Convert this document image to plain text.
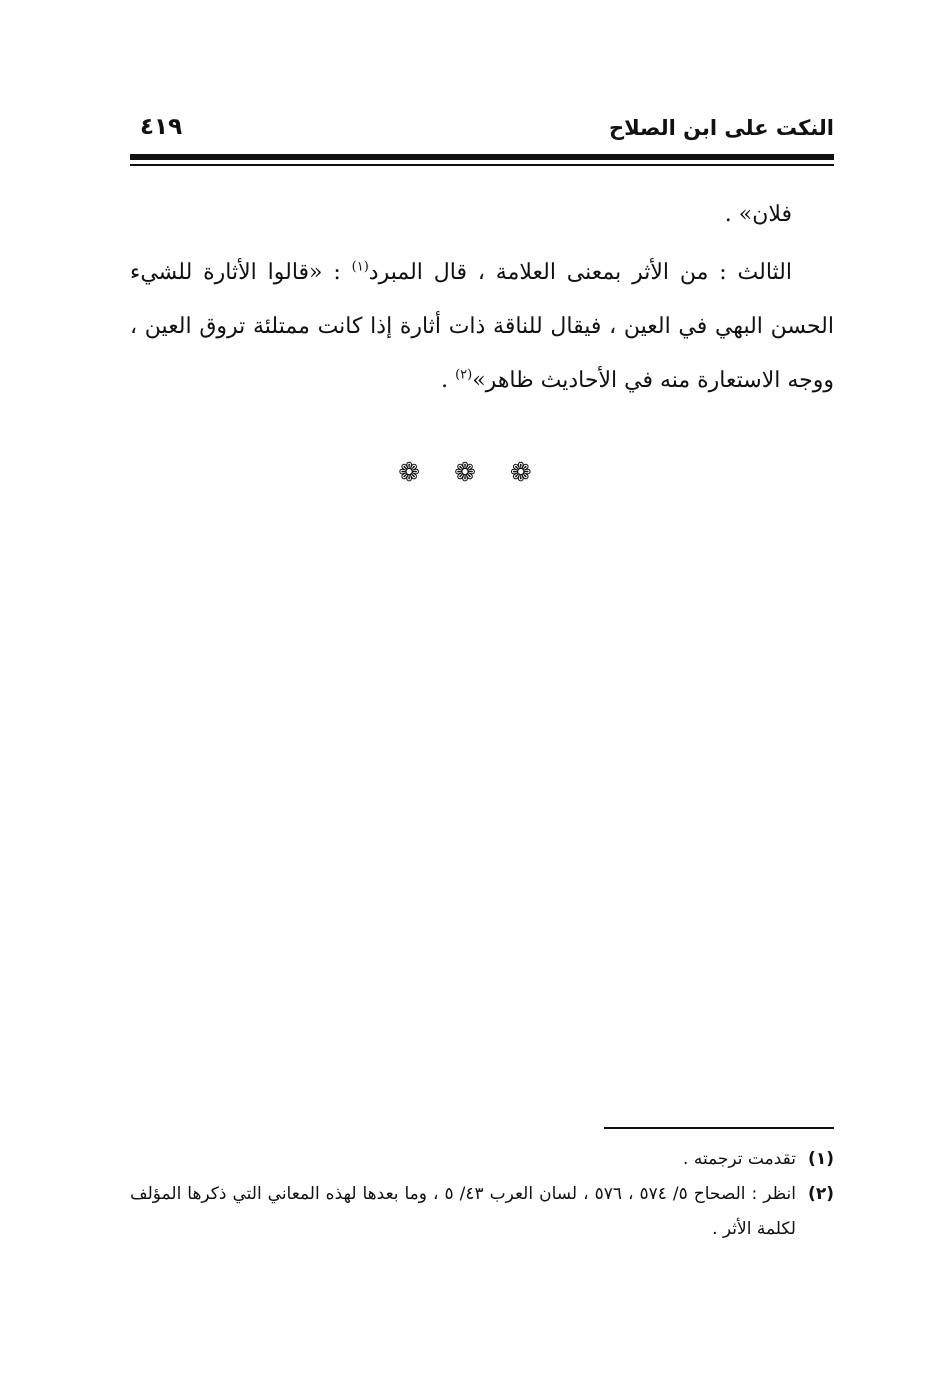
النكت على ابن الصلاح
٤١٩

فلان» .

الثالث : من الأثر بمعنى العلامة ، قال المبرد$^{(١)}$ : «قالوا الأثارة للشيء الحسن البهي في العين ، فيقال للناقة ذات أثارة إذا كانت ممتلئة تروق العين ، ووجه الاستعارة منه في الأحاديث ظاهر»$^{(٢)}$ .

❁❁❁
(١)
تقدمت ترجمته .
(٢)
انظر : الصحاح ٥/ ٥٧٤ ، ٥٧٦ ، لسان العرب ٤٣/ ٥ ، وما بعدها لهذه المعاني التي ذكرها المؤلف لكلمة الأثر .
